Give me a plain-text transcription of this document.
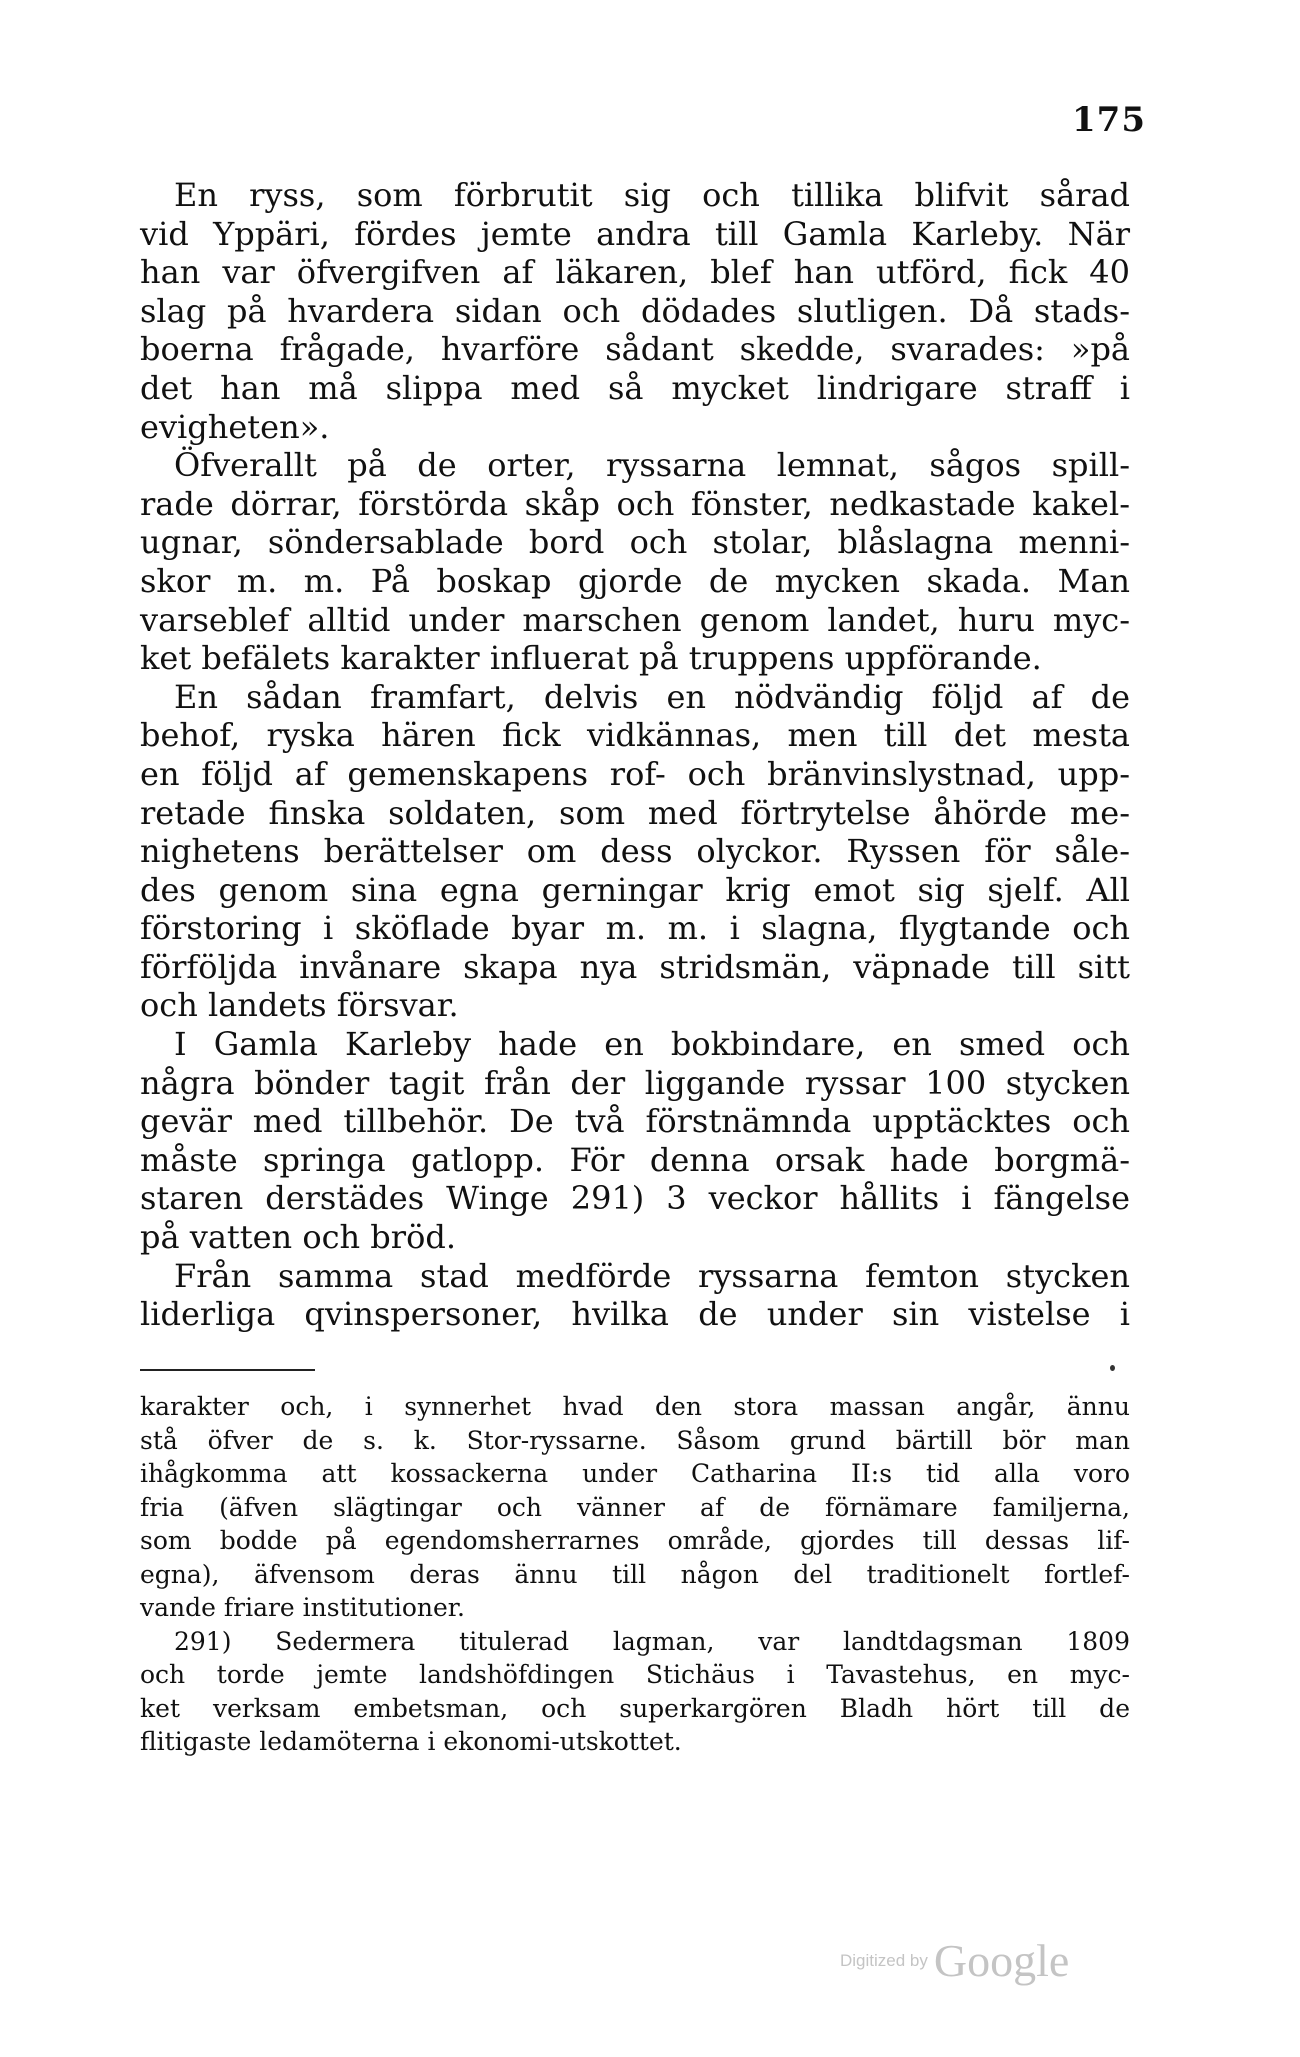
175
En ryss, som förbrutit sig och tillika blifvit sårad
vid Yppäri, fördes jemte andra till Gamla Karleby. När
han var öfvergifven af läkaren, blef han utförd, fick 40
slag på hvardera sidan och dödades slutligen. Då stads-
boerna frågade, hvarföre sådant skedde, svarades: »på
det han må slippa med så mycket lindrigare straff i
evigheten».
Öfverallt på de orter, ryssarna lemnat, sågos spill-
rade dörrar, förstörda skåp och fönster, nedkastade kakel-
ugnar, söndersablade bord och stolar, blåslagna menni-
skor m. m. På boskap gjorde de mycken skada. Man
varseblef alltid under marschen genom landet, huru myc-
ket befälets karakter influerat på truppens uppförande.
En sådan framfart, delvis en nödvändig följd af de
behof, ryska hären fick vidkännas, men till det mesta
en följd af gemenskapens rof- och bränvinslystnad, upp-
retade finska soldaten, som med förtrytelse åhörde me-
nighetens berättelser om dess olyckor. Ryssen för såle-
des genom sina egna gerningar krig emot sig sjelf. All
förstoring i sköflade byar m. m. i slagna, flygtande och
förföljda invånare skapa nya stridsmän, väpnade till sitt
och landets försvar.
I Gamla Karleby hade en bokbindare, en smed och
några bönder tagit från der liggande ryssar 100 stycken
gevär med tillbehör. De två förstnämnda upptäcktes och
måste springa gatlopp. För denna orsak hade borgmä-
staren derstädes Winge 291) 3 veckor hållits i fängelse
på vatten och bröd.
Från samma stad medförde ryssarna femton stycken
liderliga qvinspersoner, hvilka de under sin vistelse i
karakter och, i synnerhet hvad den stora massan angår, ännu
stå öfver de s. k. Stor-ryssarne. Såsom grund bärtill bör man
ihågkomma att kossackerna under Catharina II:s tid alla voro
fria (äfven slägtingar och vänner af de förnämare familjerna,
som bodde på egendomsherrarnes område, gjordes till dessas lif-
egna), äfvensom deras ännu till någon del traditionelt fortlef-
vande friare institutioner.
291) Sedermera titulerad lagman, var landtdagsman 1809
och torde jemte landshöfdingen Stichäus i Tavastehus, en myc-
ket verksam embetsman, och superkargören Bladh hört till de
flitigaste ledamöterna i ekonomi-utskottet.
Digitized by Google
